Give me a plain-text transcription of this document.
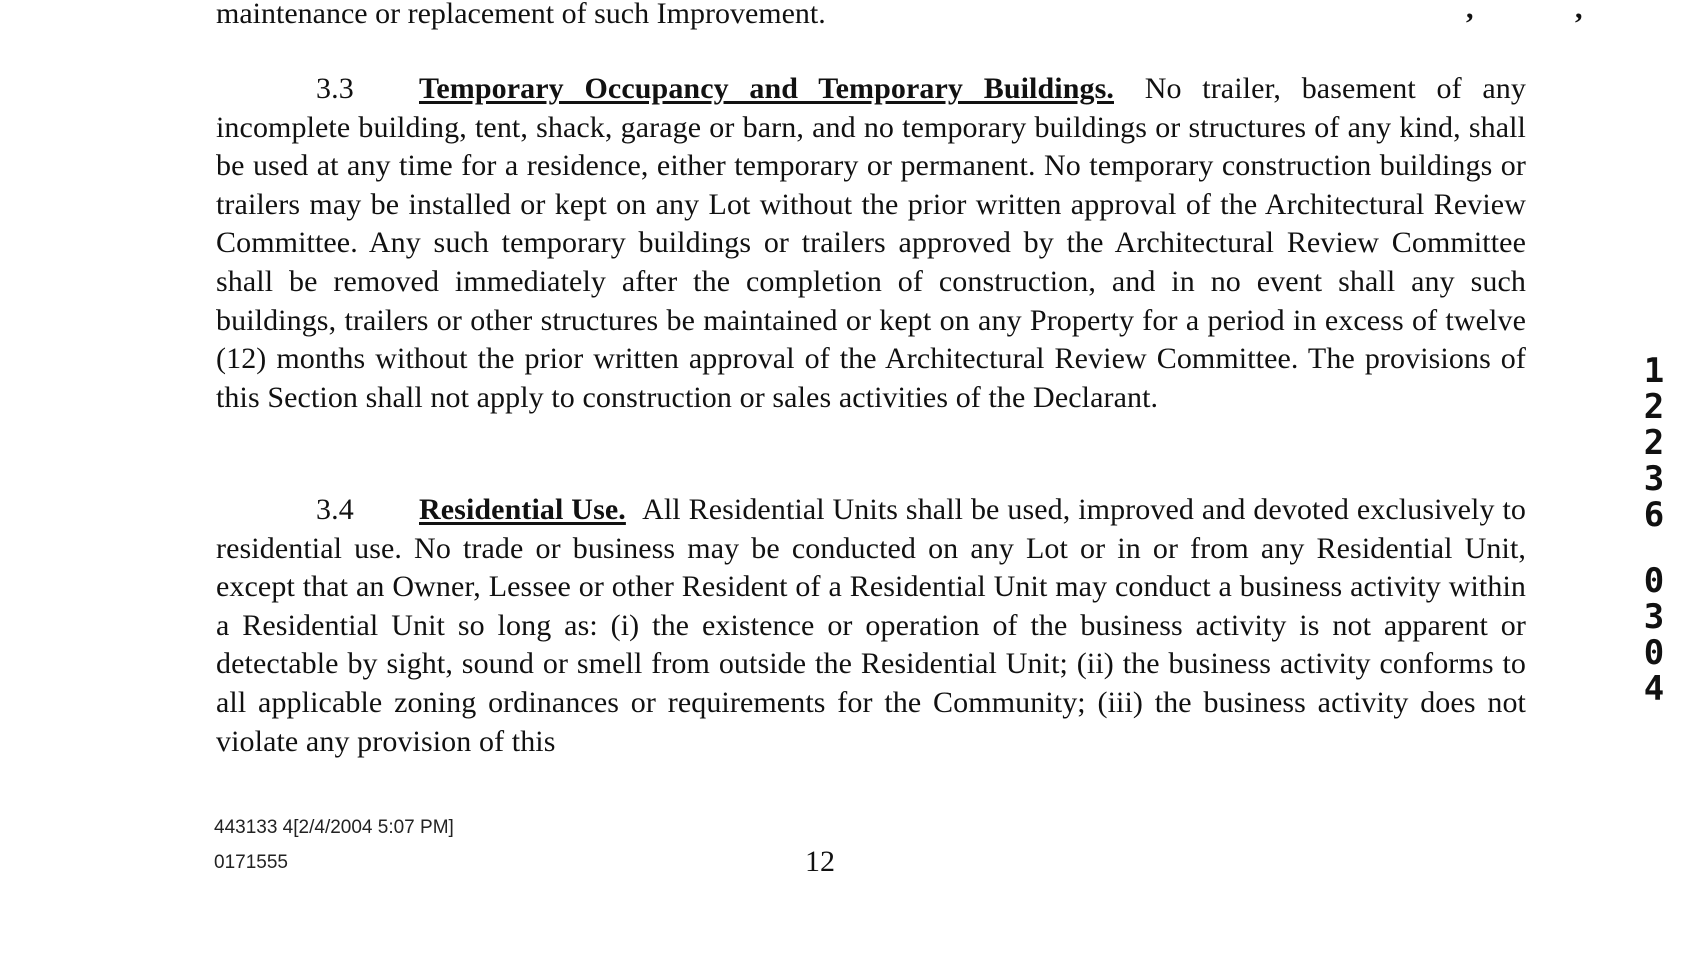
,	,
maintenance or replacement of such Improvement.
3.3 Temporary Occupancy and Temporary Buildings. No trailer, basement of any incomplete building, tent, shack, garage or barn, and no temporary buildings or structures of any kind, shall be used at any time for a residence, either temporary or permanent. No temporary construction buildings or trailers may be installed or kept on any Lot without the prior written approval of the Architectural Review Committee. Any such temporary buildings or trailers approved by the Architectural Review Committee shall be removed immediately after the completion of construction, and in no event shall any such buildings, trailers or other structures be maintained or kept on any Property for a period in excess of twelve (12) months without the prior written approval of the Architectural Review Committee. The provisions of this Section shall not apply to construction or sales activities of the Declarant.
3.4 Residential Use. All Residential Units shall be used, improved and devoted exclusively to residential use. No trade or business may be conducted on any Lot or in or from any Residential Unit, except that an Owner, Lessee or other Resident of a Residential Unit may conduct a business activity within a Residential Unit so long as: (i) the existence or operation of the business activity is not apparent or detectable by sight, sound or smell from outside the Residential Unit; (ii) the business activity conforms to all applicable zoning ordinances or requirements for the Community; (iii) the business activity does not violate any provision of this
1
2
2
3
6
0
3
0
4
443133 4[2/4/2004 5:07 PM]
0171555	12
